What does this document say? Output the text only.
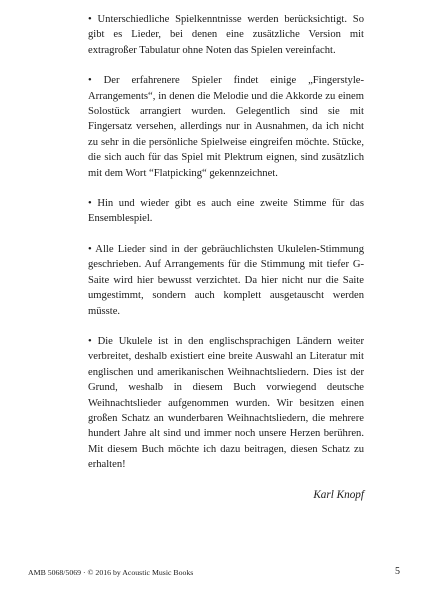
• Unterschiedliche Spielkenntnisse werden berücksichtigt. So gibt es Lieder, bei denen eine zusätzliche Version mit extragroßer Tabulatur ohne Noten das Spielen vereinfacht.

• Der erfahrenere Spieler findet einige „Fingerstyle-Arrangements“, in denen die Melodie und die Akkorde zu einem Solostück arrangiert wurden. Gelegentlich sind sie mit Fingersatz versehen, allerdings nur in Ausnahmen, da ich nicht zu sehr in die persönliche Spielweise eingreifen möchte. Stücke, die sich auch für das Spiel mit Plektrum eignen, sind zusätzlich mit dem Wort “Flatpicking“ gekennzeichnet.

• Hin und wieder gibt es auch eine zweite Stimme für das Ensemblespiel.

• Alle Lieder sind in der gebräuchlichsten Ukulelen-Stimmung geschrieben. Auf Arrangements für die Stimmung mit tiefer G-Saite wird hier bewusst verzichtet. Da hier nicht nur die Saite umgestimmt, sondern auch komplett ausgetauscht werden müsste.

• Die Ukulele ist in den englischsprachigen Ländern weiter verbreitet, deshalb existiert eine breite Auswahl an Literatur mit englischen und amerikanischen Weihnachtsliedern. Dies ist der Grund, weshalb in diesem Buch vorwiegend deutsche Weihnachtslieder aufgenommen wurden. Wir besitzen einen großen Schatz an wunderbaren Weihnachtsliedern, die mehrere hundert Jahre alt sind und immer noch unsere Herzen berühren. Mit diesem Buch möchte ich dazu beitragen, diesen Schatz zu erhalten!

Karl Knopf

AMB 5068/5069 · © 2016 by Acoustic Music Books	5
